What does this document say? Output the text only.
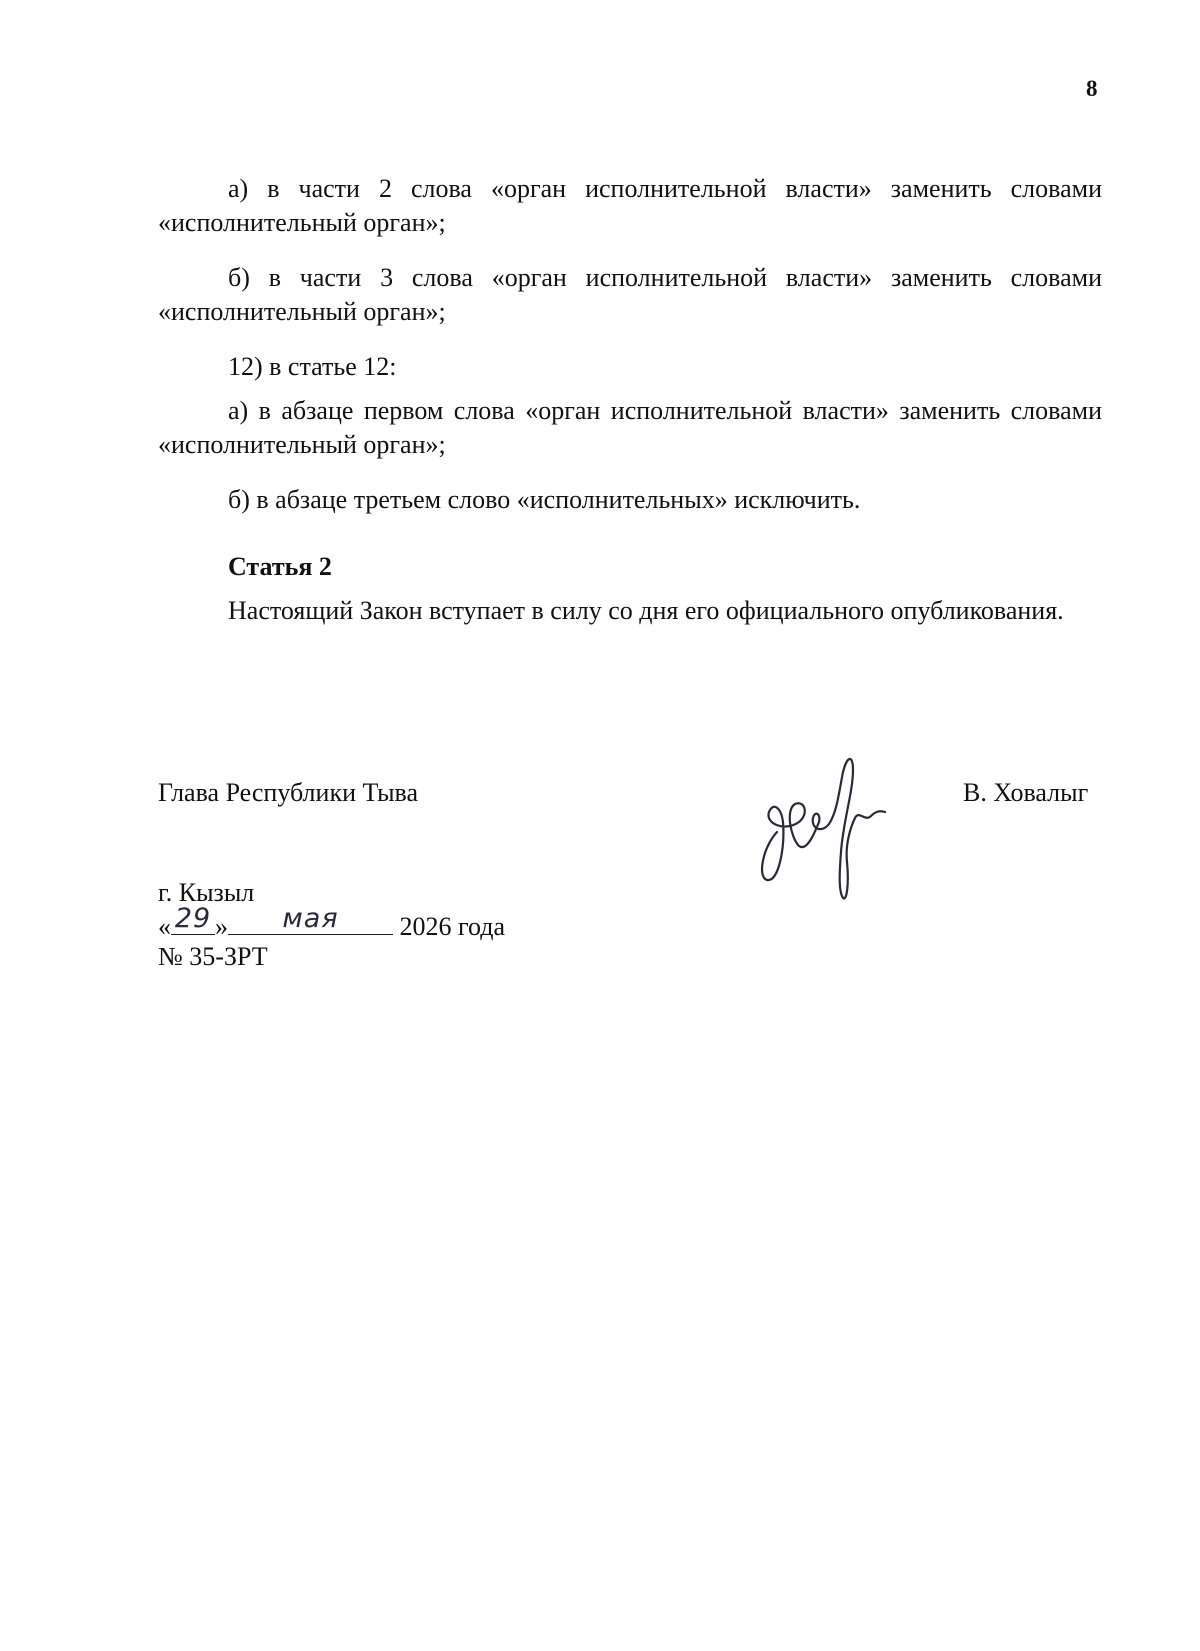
8

а) в части 2 слова «орган исполнительной власти» заменить словами «исполнительный орган»;

б) в части 3 слова «орган исполнительной власти» заменить словами «исполнительный орган»;

12) в статье 12:

а) в абзаце первом слова «орган исполнительной власти» заменить словами «исполнительный орган»;

б) в абзаце третьем слово «исполнительных» исключить.

Статья 2

Настоящий Закон вступает в силу со дня его официального опубликования.

Глава Республики Тыва	В. Ховалыг
г. Кызыл
« 29 »	мая	2026 года
№ 35-ЗРТ
